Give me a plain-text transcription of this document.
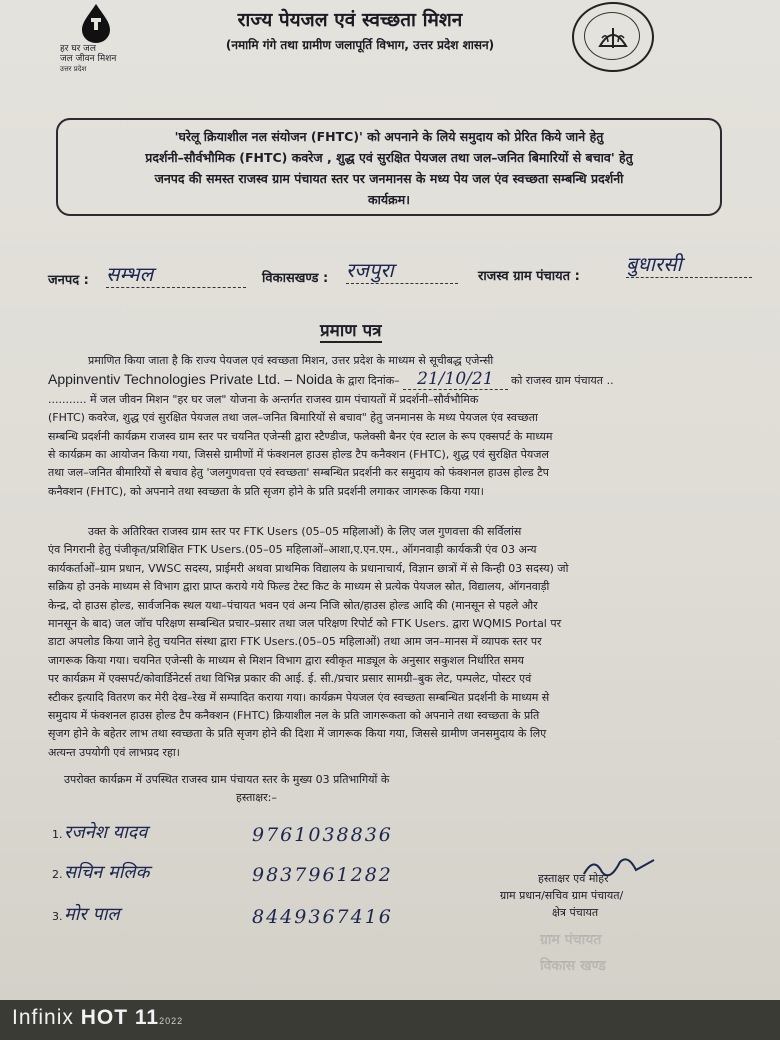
हर घर जल
जल जीवन मिशन
उत्तर प्रदेश
राज्य पेयजल एवं स्वच्छता मिशन
(नमामि गंगे तथा ग्रामीण जलापूर्ति विभाग, उत्तर प्रदेश शासन)
'घरेलू क्रियाशील नल संयोजन (FHTC)' को अपनाने के लिये समुदाय को प्रेरित किये जाने हेतु
प्रदर्शनी–सौर्वभौमिक (FHTC) कवरेज , शुद्ध एवं सुरक्षित पेयजल तथा जल–जनित बिमारियों से बचाव' हेतु
जनपद की समस्त राजस्व ग्राम पंचायत स्तर पर जनमानस के मध्य पेय जल एंव स्वच्छता सम्बन्धि प्रदर्शनी
कार्यक्रम।
जनपद : सम्भल	विकासखण्ड : रजपुरा	राजस्व ग्राम पंचायत :
बुधारसी
प्रमाण पत्र
प्रमाणित किया जाता है कि राज्य पेयजल एवं स्वच्छता मिशन, उत्तर प्रदेश के माध्यम से सूचीबद्ध एजेन्सी
Appinventiv Technologies Private Ltd. – Noida के द्वारा दिनांक– 21/10/21 को राजस्व ग्राम पंचायत ..
........... में जल जीवन मिशन "हर घर जल" योजना के अन्तर्गत राजस्व ग्राम पंचायतों में प्रदर्शनी–सौर्वभौमिक
(FHTC) कवरेज, शुद्ध एवं सुरक्षित पेयजल तथा जल–जनित बिमारियों से बचाव" हेतु जनमानस के मध्य पेयजल एंव स्वच्छता
सम्बन्धि प्रदर्शनी कार्यक्रम राजस्व ग्राम स्तर पर चयनित एजेन्सी द्वारा स्टैण्डीज, फलेक्सी बैनर एंव स्टाल के रूप एक्सपर्ट के माध्यम
से कार्यक्रम का आयोजन किया गया, जिससे ग्रामीणों में फंक्शनल हाउस होल्ड टैप कनैक्शन (FHTC), शुद्ध एवं सुरक्षित पेयजल
तथा जल–जनित बीमारियों से बचाव हेतु 'जलगुणवत्ता एवं स्वच्छता' सम्बन्धित प्रदर्शनी कर समुदाय को फंक्शनल हाउस होल्ड टैप
कनैक्शन (FHTC), को अपनाने तथा स्वच्छता के प्रति सृजग होने के प्रति प्रदर्शनी लगाकर जागरूक किया गया।
उक्त के अतिरिक्त राजस्व ग्राम स्तर पर FTK Users (05–05 महिलाओं) के लिए जल गुणवत्ता की सर्विलांस
एंव निगरानी हेतु पंजीकृत/प्रशिक्षित FTK Users.(05–05 महिलाओं–आशा,ए.एन.एम., ऑगनवाड़ी कार्यकत्री एंव 03 अन्य
कार्यकर्ताओं–ग्राम प्रधान, VWSC सदस्य, प्राईमरी अथवा प्राथमिक विद्यालय के प्रधानाचार्य, विज्ञान छात्रों में से किन्ही 03 सदस्य) जो
सक्रिय हो उनके माध्यम से विभाग द्वारा प्राप्त कराये गये फिल्ड टेस्ट किट के माध्यम से प्रत्येक पेयजल स्रोत, विद्यालय, ऑगनवाड़ी
केन्द्र, दो हाउस होल्ड, सार्वजनिक स्थल यथा–पंचायत भवन एवं अन्य निजि स्रोत/हाउस होल्ड आदि की (मानसून से पहले और
मानसून के बाद) जल जॉच परिक्षण सम्बन्धित प्रचार–प्रसार तथा जल परिक्षण रिपोर्ट को FTK Users. द्वारा WQMIS Portal पर
डाटा अपलोड किया जाने हेतु चयनित संस्था द्वारा FTK Users.(05–05 महिलाओं) तथा आम जन–मानस में व्यापक स्तर पर
जागरूक किया गया। चयनित एजेन्सी के माध्यम से मिशन विभाग द्वारा स्वीकृत माड्यूल के अनुसार सकुशल निर्धारित समय
पर कार्यक्रम में एक्सपर्ट/कोवार्डिनेटर्स तथा विभिन्न प्रकार की आई. ई. सी./प्रचार प्रसार सामग्री–बुक लेट, पम्पलेट, पोस्टर एवं
स्टीकर इत्यादि वितरण कर मेरी देख–रेख में सम्पादित कराया गया। कार्यक्रम पेयजल एंव स्वच्छता सम्बन्धित प्रदर्शनी के माध्यम से
समुदाय में फंक्शनल हाउस होल्ड टैप कनैक्शन (FHTC) क्रियाशील नल के प्रति जागरूकता को अपनाने तथा स्वच्छता के प्रति
सृजग होने के बहेतर लाभ तथा स्वच्छता के प्रति सृजग होने की दिशा में जागरूक किया गया, जिससे ग्रामीण जनसमुदाय के लिए
अत्यन्त उपयोगी एवं लाभप्रद रहा।
उपरोक्त कार्यक्रम में उपस्थित राजस्व ग्राम पंचायत स्तर के मुख्य 03 प्रतिभागियों के
हस्ताक्षर:–
1. रजनेश यादव	9761038836
2. सचिन मलिक	9837961282
3. मोर पाल	8449367416
हस्ताक्षर एवं मोहर
ग्राम प्रधान/सचिव ग्राम पंचायत/
क्षेत्र पंचायत
ग्राम पंचायत
विकास खण्ड
Infinix HOT 112022
